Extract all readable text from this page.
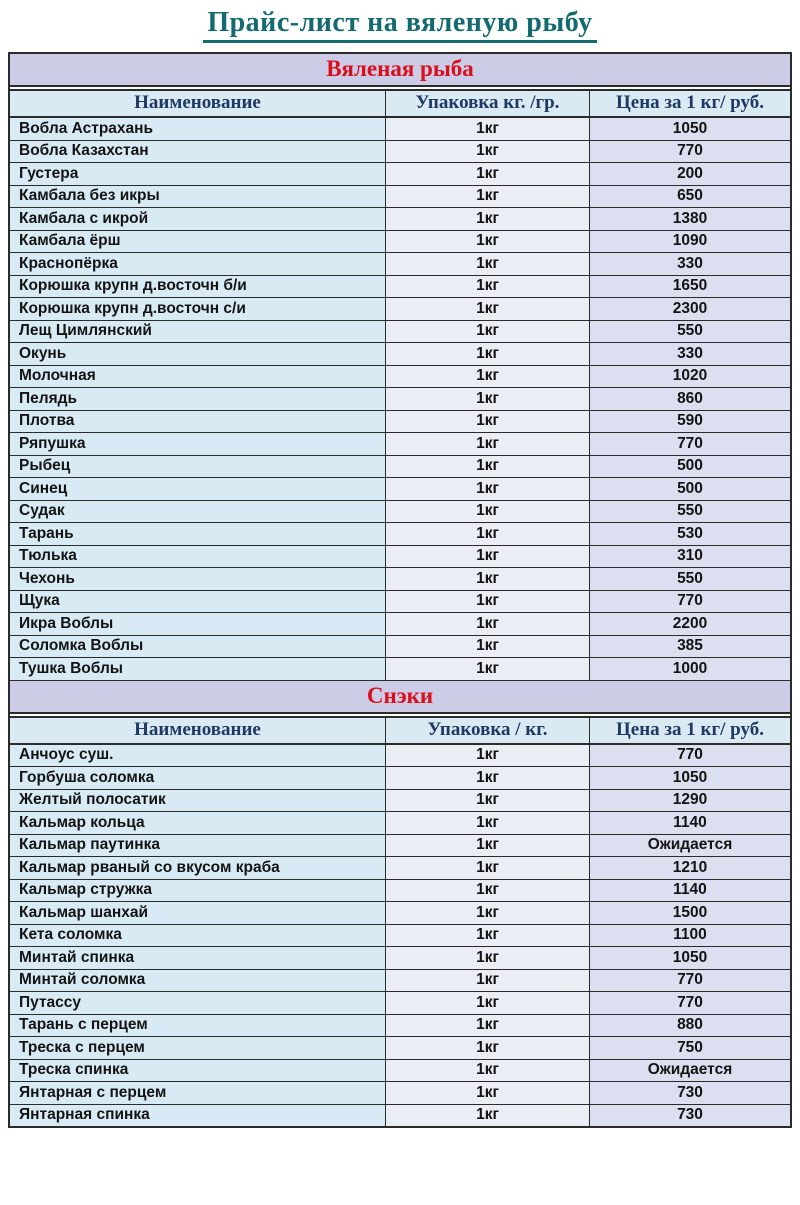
Прайс-лист на вяленую рыбу
Вяленая рыба
Наименование	Упаковка кг. /гр.	Цена за 1 кг/ руб.
Вобла Астрахань	1кг	1050
Вобла Казахстан	1кг	770
Густера	1кг	200
Камбала без икры	1кг	650
Камбала с икрой	1кг	1380
Камбала ёрш	1кг	1090
Краснопёрка	1кг	330
Корюшка крупн д.восточн б/и	1кг	1650
Корюшка крупн д.восточн с/и	1кг	2300
Лещ Цимлянский	1кг	550
Окунь	1кг	330
Молочная	1кг	1020
Пелядь	1кг	860
Плотва	1кг	590
Ряпушка	1кг	770
Рыбец	1кг	500
Синец	1кг	500
Судак	1кг	550
Тарань	1кг	530
Тюлька	1кг	310
Чехонь	1кг	550
Щука	1кг	770
Икра Воблы	1кг	2200
Соломка Воблы	1кг	385
Тушка Воблы	1кг	1000
Снэки
Наименование	Упаковка / кг.	Цена за 1 кг/ руб.
Анчоус суш.	1кг	770
Горбуша соломка	1кг	1050
Желтый полосатик	1кг	1290
Кальмар кольца	1кг	1140
Кальмар паутинка	1кг	Ожидается
Кальмар рваный со вкусом краба	1кг	1210
Кальмар стружка	1кг	1140
Кальмар шанхай	1кг	1500
Кета соломка	1кг	1100
Минтай спинка	1кг	1050
Минтай соломка	1кг	770
Путассу	1кг	770
Тарань с перцем	1кг	880
Треска с перцем	1кг	750
Треска спинка	1кг	Ожидается
Янтарная с перцем	1кг	730
Янтарная спинка	1кг	730
